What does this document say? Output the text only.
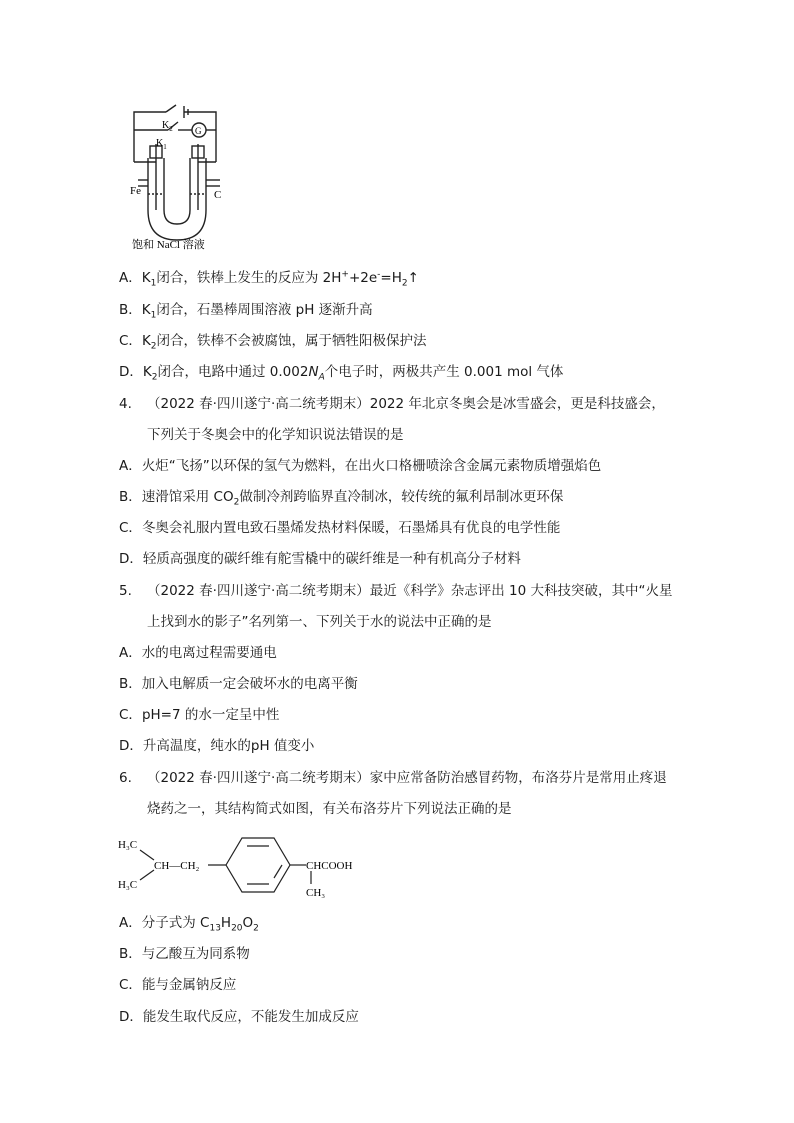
$K_2$
$K_1$
G
Fe	C
饱和 NaCl 溶液
A．$K_1$闭合，铁棒上发生的反应为 $2H^++2e^-=H_2↑$
B．$K_1$闭合，石墨棒周围溶液 pH 逐渐升高
C．$K_2$闭合，铁棒不会被腐蚀，属于牺牲阳极保护法
D．$K_2$闭合，电路中通过 $0.002N_A$个电子时，两极共产生 0.001 mol 气体
4. （2022 春·四川遂宁·高二统考期末）2022 年北京冬奥会是冰雪盛会，更是科技盛会，
下列关于冬奥会中的化学知识说法错误的是
A．火炬“飞扬”以环保的氢气为燃料，在出火口格栅喷涂含金属元素物质增强焰色
B．速滑馆采用 $CO_2$做制冷剂跨临界直冷制冰，较传统的氟利昂制冰更环保
C．冬奥会礼服内置电致石墨烯发热材料保暖，石墨烯具有优良的电学性能
D．轻质高强度的碳纤维有舵雪橇中的碳纤维是一种有机高分子材料
5. （2022 春·四川遂宁·高二统考期末）最近《科学》杂志评出 10 大科技突破，其中“火星
上找到水的影子”名列第一、下列关于水的说法中正确的是
A．水的电离过程需要通电
B．加入电解质一定会破坏水的电离平衡
C．pH=7 的水一定呈中性
D．升高温度，纯水的pH 值变小
6. （2022 春·四川遂宁·高二统考期末）家中应常备防治感冒药物，布洛芬片是常用止疼退
烧药之一，其结构简式如图，有关布洛芬片下列说法正确的是
H₃C
H₃C
CH—CH₂	CHCOOH
CH₃
A．分子式为 $C_{13}H_{20}O_2$
B．与乙酸互为同系物
C．能与金属钠反应
D．能发生取代反应，不能发生加成反应
